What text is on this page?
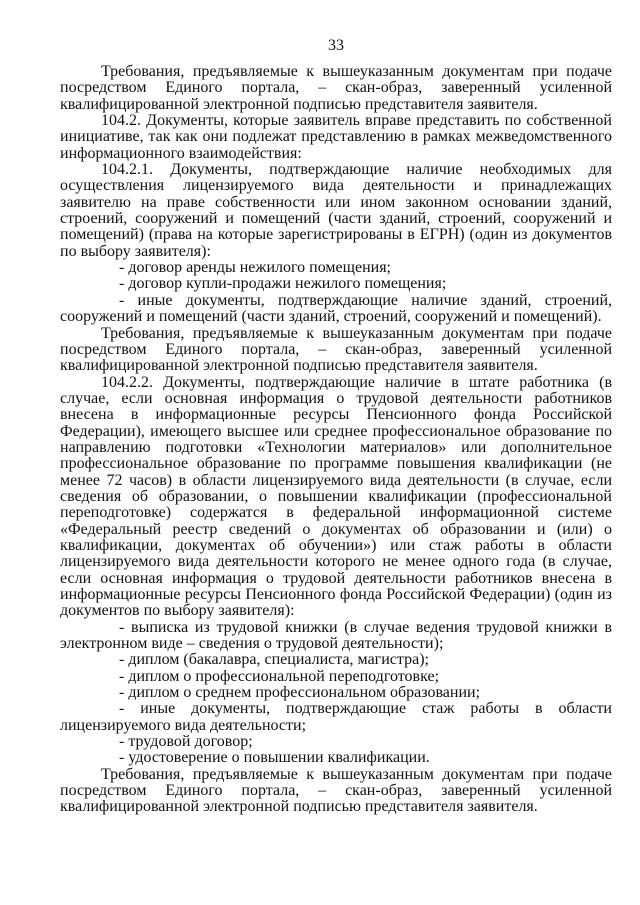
33

Требования, предъявляемые к вышеуказанным документам при подаче посредством Единого портала, – скан-образ, заверенный усиленной квалифицированной электронной подписью представителя заявителя.

104.2. Документы, которые заявитель вправе представить по собственной инициативе, так как они подлежат представлению в рамках межведомственного информационного взаимодействия:

104.2.1. Документы, подтверждающие наличие необходимых для осуществления лицензируемого вида деятельности и принадлежащих заявителю на праве собственности или ином законном основании зданий, строений, сооружений и помещений (части зданий, строений, сооружений и помещений) (права на которые зарегистрированы в ЕГРН) (один из документов по выбору заявителя):

- договор аренды нежилого помещения;

- договор купли-продажи нежилого помещения;

- иные документы, подтверждающие наличие зданий, строений, сооружений и помещений (части зданий, строений, сооружений и помещений).

Требования, предъявляемые к вышеуказанным документам при подаче посредством Единого портала, – скан-образ, заверенный усиленной квалифицированной электронной подписью представителя заявителя.

104.2.2. Документы, подтверждающие наличие в штате работника (в случае, если основная информация о трудовой деятельности работников внесена в информационные ресурсы Пенсионного фонда Российской Федерации), имеющего высшее или среднее профессиональное образование по направлению подготовки «Технологии материалов» или дополнительное профессиональное образование по программе повышения квалификации (не менее 72 часов) в области лицензируемого вида деятельности (в случае, если сведения об образовании, о повышении квалификации (профессиональной переподготовке) содержатся в федеральной информационной системе «Федеральный реестр сведений о документах об образовании и (или) о квалификации, документах об обучении») или стаж работы в области лицензируемого вида деятельности которого не менее одного года (в случае, если основная информация о трудовой деятельности работников внесена в информационные ресурсы Пенсионного фонда Российской Федерации) (один из документов по выбору заявителя):

- выписка из трудовой книжки (в случае ведения трудовой книжки в электронном виде – сведения о трудовой деятельности);

- диплом (бакалавра, специалиста, магистра);

- диплом о профессиональной переподготовке;

- диплом о среднем профессиональном образовании;

- иные документы, подтверждающие стаж работы в области лицензируемого вида деятельности;

- трудовой договор;

- удостоверение о повышении квалификации.

Требования, предъявляемые к вышеуказанным документам при подаче посредством Единого портала, – скан-образ, заверенный усиленной квалифицированной электронной подписью представителя заявителя.
